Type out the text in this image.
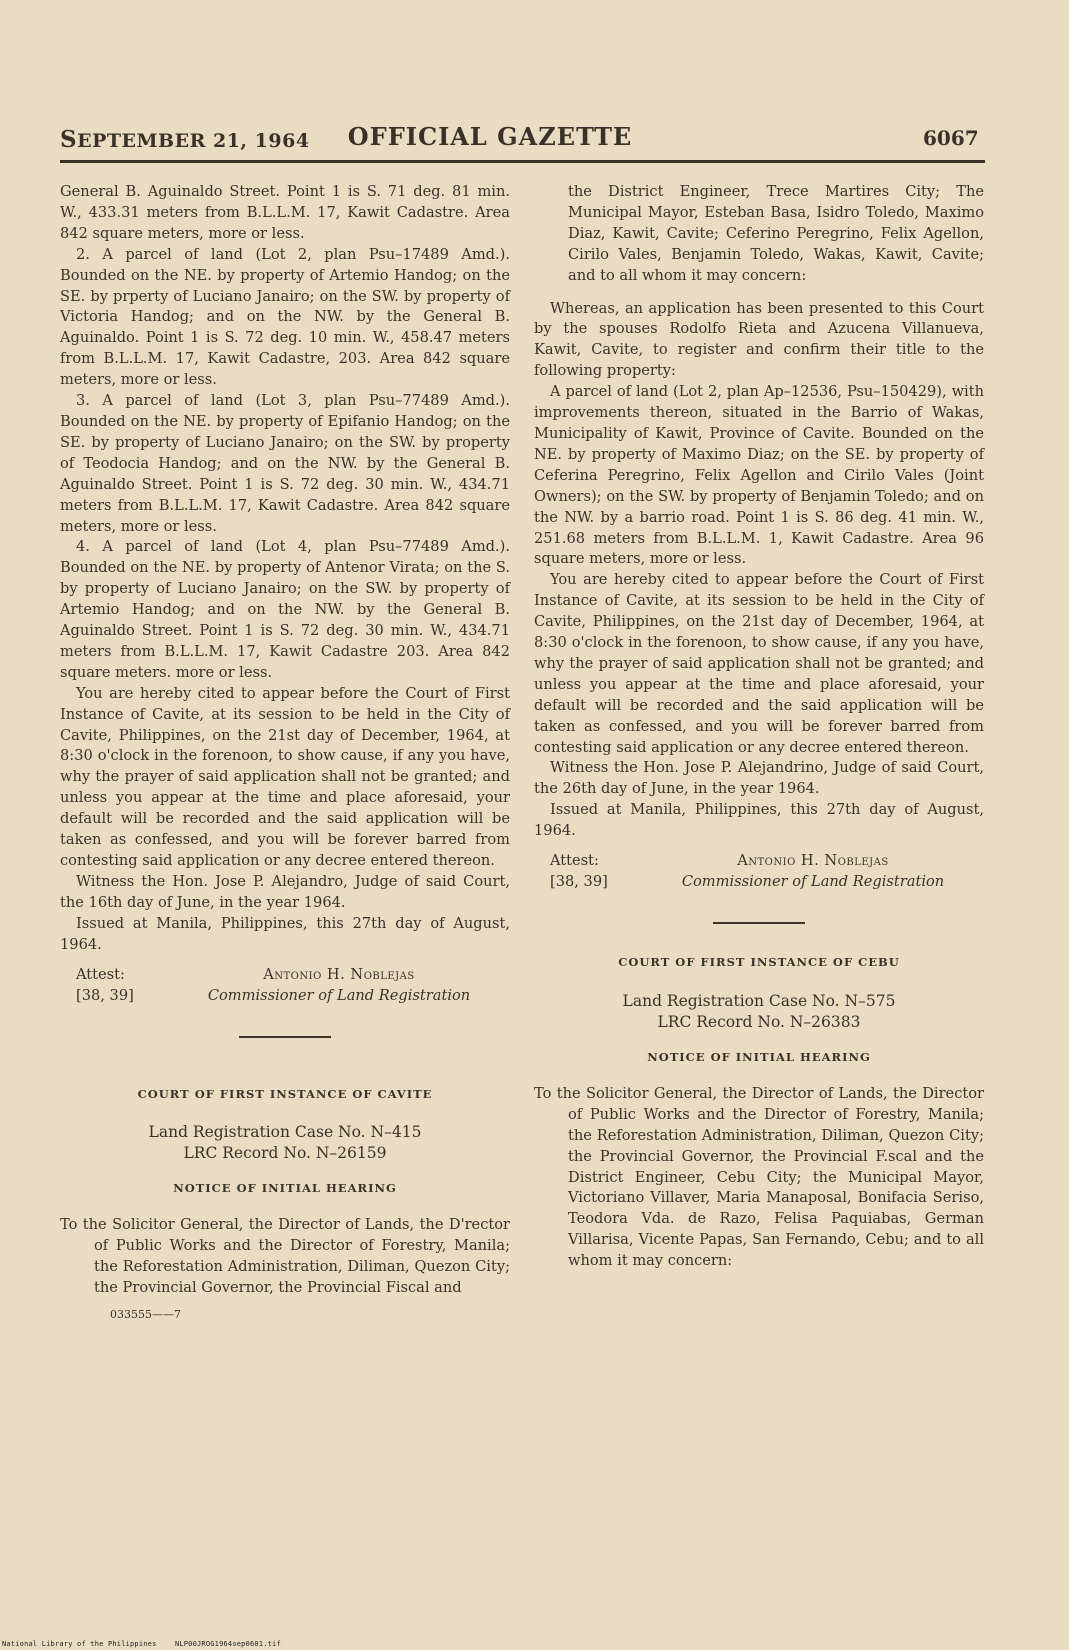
SEPTEMBER 21, 1964	OFFICIAL GAZETTE	6067

General B. Aguinaldo Street. Point 1 is S. 71 deg. 81 min. W., 433.31 meters from B.L.L.M. 17, Kawit Cadastre. Area 842 square meters, more or less.

2. A parcel of land (Lot 2, plan Psu–17489 Amd.). Bounded on the NE. by property of Artemio Handog; on the SE. by prperty of Luciano Janairo; on the SW. by property of Victoria Handog; and on the NW. by the General B. Aguinaldo. Point 1 is S. 72 deg. 10 min. W., 458.47 meters from B.L.L.M. 17, Kawit Cadastre, 203. Area 842 square meters, more or less.

3. A parcel of land (Lot 3, plan Psu–77489 Amd.). Bounded on the NE. by property of Epifanio Handog; on the SE. by property of Luciano Janairo; on the SW. by property of Teodocia Handog; and on the NW. by the General B. Aguinaldo Street. Point 1 is S. 72 deg. 30 min. W., 434.71 meters from B.L.L.M. 17, Kawit Cadastre. Area 842 square meters, more or less.

4. A parcel of land (Lot 4, plan Psu–77489 Amd.). Bounded on the NE. by property of Antenor Virata; on the S. by property of Luciano Janairo; on the SW. by property of Artemio Handog; and on the NW. by the General B. Aguinaldo Street. Point 1 is S. 72 deg. 30 min. W., 434.71 meters from B.L.L.M. 17, Kawit Cadastre 203. Area 842 square meters. more or less.

You are hereby cited to appear before the Court of First Instance of Cavite, at its session to be held in the City of Cavite, Philippines, on the 21st day of December, 1964, at 8:30 o'clock in the forenoon, to show cause, if any you have, why the prayer of said application shall not be granted; and unless you appear at the time and place aforesaid, your default will be recorded and the said application will be taken as confessed, and you will be forever barred from contesting said application or any decree entered thereon.

Witness the Hon. Jose P. Alejandro, Judge of said Court, the 16th day of June, in the year 1964.

Issued at Manila, Philippines, this 27th day of August, 1964.

Attest:
[38, 39]
Antonio H. Noblejas
Commissioner of Land Registration
COURT OF FIRST INSTANCE OF CAVITE
Land Registration Case No. N–415
LRC Record No. N–26159
NOTICE OF INITIAL HEARING

To the Solicitor General, the Director of Lands, the D'rector of Public Works and the Director of Forestry, Manila; the Reforestation Administration, Diliman, Quezon City; the Provincial Governor, the Provincial Fiscal and

033555——7

the District Engineer, Trece Martires City; The Municipal Mayor, Esteban Basa, Isidro Toledo, Maximo Diaz, Kawit, Cavite; Ceferino Peregrino, Felix Agellon, Cirilo Vales, Benjamin Toledo, Wakas, Kawit, Cavite; and to all whom it may concern:

Whereas, an application has been presented to this Court by the spouses Rodolfo Rieta and Azucena Villanueva, Kawit, Cavite, to register and confirm their title to the following property:

A parcel of land (Lot 2, plan Ap–12536, Psu–150429), with improvements thereon, situated in the Barrio of Wakas, Municipality of Kawit, Province of Cavite. Bounded on the NE. by property of Maximo Diaz; on the SE. by property of Ceferina Peregrino, Felix Agellon and Cirilo Vales (Joint Owners); on the SW. by property of Benjamin Toledo; and on the NW. by a barrio road. Point 1 is S. 86 deg. 41 min. W., 251.68 meters from B.L.L.M. 1, Kawit Cadastre. Area 96 square meters, more or less.

You are hereby cited to appear before the Court of First Instance of Cavite, at its session to be held in the City of Cavite, Philippines, on the 21st day of December, 1964, at 8:30 o'clock in the forenoon, to show cause, if any you have, why the prayer of said application shall not be granted; and unless you appear at the time and place aforesaid, your default will be recorded and the said application will be taken as confessed, and you will be forever barred from contesting said application or any decree entered thereon.

Witness the Hon. Jose P. Alejandrino, Judge of said Court, the 26th day of June, in the year 1964.

Issued at Manila, Philippines, this 27th day of August, 1964.

Attest:
[38, 39]
Antonio H. Noblejas
Commissioner of Land Registration
COURT OF FIRST INSTANCE OF CEBU
Land Registration Case No. N–575
LRC Record No. N–26383
NOTICE OF INITIAL HEARING

To the Solicitor General, the Director of Lands, the Director of Public Works and the Director of Forestry, Manila; the Reforestation Administration, Diliman, Quezon City; the Provincial Governor, the Provincial F.scal and the District Engineer, Cebu City; the Municipal Mayor, Victoriano Villaver, Maria Manaposal, Bonifacia Seriso, Teodora Vda. de Razo, Felisa Paquiabas, German Villarisa, Vicente Papas, San Fernando, Cebu; and to all whom it may concern:

National Library of the Philippines	NLP00JROG1964sep0601.tif
